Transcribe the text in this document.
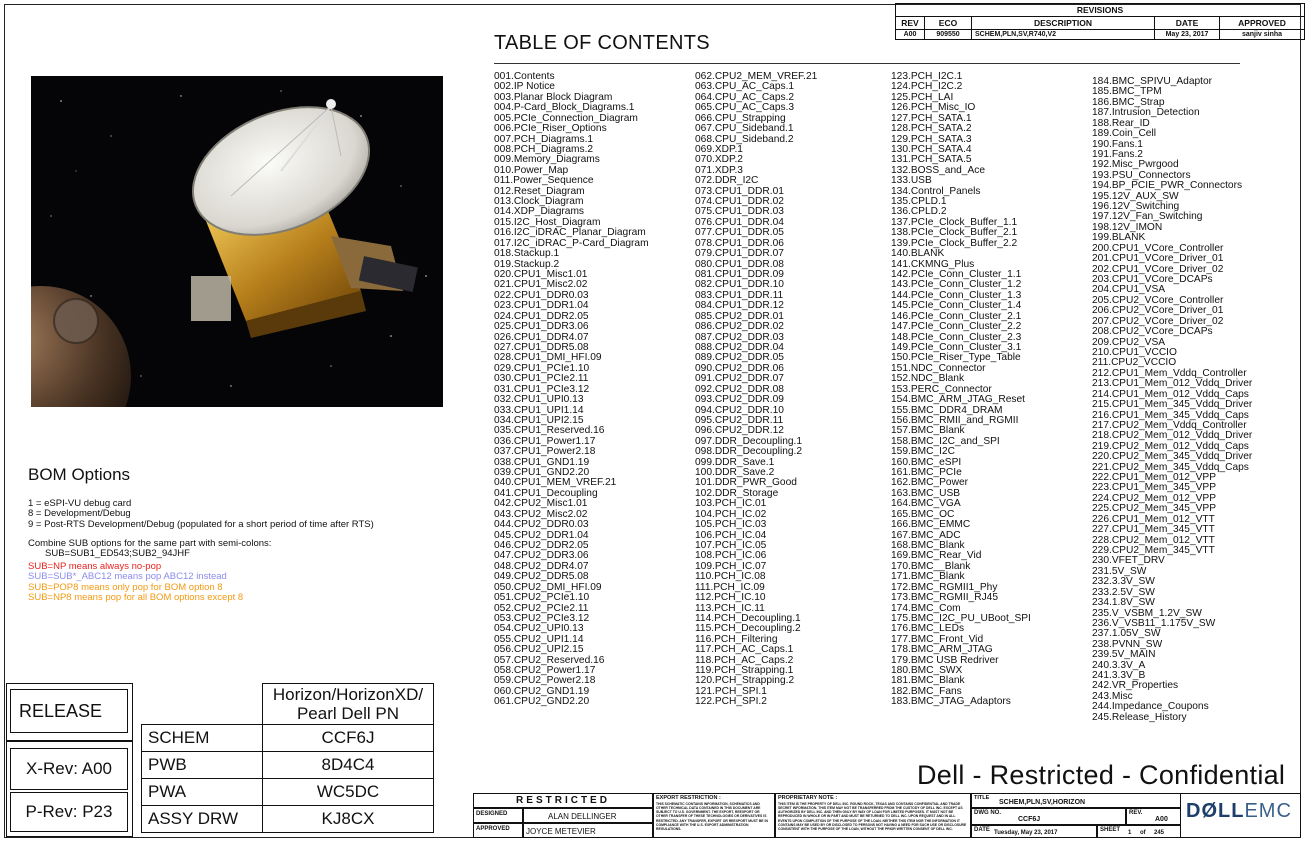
REVISIONS				
REV	ECO	DESCRIPTION	DATE	APPROVED
A00	909550	SCHEM,PLN,SV,R740,V2	May 23, 2017	sanjiv sinha
TABLE OF CONTENTS
001.Contents
002.IP Notice
003.Planar Block Diagram
004.P-Card_Block_Diagrams.1
005.PCIe_Connection_Diagram
006.PCIe_Riser_Options
007.PCH_Diagrams.1
008.PCH_Diagrams.2
009.Memory_Diagrams
010.Power_Map
011.Power_Sequence
012.Reset_Diagram
013.Clock_Diagram
014.XDP_Diagrams
015.I2C_Host_Diagram
016.I2C_iDRAC_Planar_Diagram
017.I2C_iDRAC_P-Card_Diagram
018.Stackup.1
019.Stackup.2
020.CPU1_Misc1.01
021.CPU1_Misc2.02
022.CPU1_DDR0.03
023.CPU1_DDR1.04
024.CPU1_DDR2.05
025.CPU1_DDR3.06
026.CPU1_DDR4.07
027.CPU1_DDR5.08
028.CPU1_DMI_HFI.09
029.CPU1_PCIe1.10
030.CPU1_PCIe2.11
031.CPU1_PCIe3.12
032.CPU1_UPI0.13
033.CPU1_UPI1.14
034.CPU1_UPI2.15
035.CPU1_Reserved.16
036.CPU1_Power1.17
037.CPU1_Power2.18
038.CPU1_GND1.19
039.CPU1_GND2.20
040.CPU1_MEM_VREF.21
041.CPU1_Decoupling
042.CPU2_Misc1.01
043.CPU2_Misc2.02
044.CPU2_DDR0.03
045.CPU2_DDR1.04
046.CPU2_DDR2.05
047.CPU2_DDR3.06
048.CPU2_DDR4.07
049.CPU2_DDR5.08
050.CPU2_DMI_HFI.09
051.CPU2_PCIe1.10
052.CPU2_PCIe2.11
053.CPU2_PCIe3.12
054.CPU2_UPI0.13
055.CPU2_UPI1.14
056.CPU2_UPI2.15
057.CPU2_Reserved.16
058.CPU2_Power1.17
059.CPU2_Power2.18
060.CPU2_GND1.19
061.CPU2_GND2.20
062.CPU2_MEM_VREF.21
063.CPU_AC_Caps.1
064.CPU_AC_Caps.2
065.CPU_AC_Caps.3
066.CPU_Strapping
067.CPU_Sideband.1
068.CPU_Sideband.2
069.XDP.1
070.XDP.2
071.XDP.3
072.DDR_I2C
073.CPU1_DDR.01
074.CPU1_DDR.02
075.CPU1_DDR.03
076.CPU1_DDR.04
077.CPU1_DDR.05
078.CPU1_DDR.06
079.CPU1_DDR.07
080.CPU1_DDR.08
081.CPU1_DDR.09
082.CPU1_DDR.10
083.CPU1_DDR.11
084.CPU1_DDR.12
085.CPU2_DDR.01
086.CPU2_DDR.02
087.CPU2_DDR.03
088.CPU2_DDR.04
089.CPU2_DDR.05
090.CPU2_DDR.06
091.CPU2_DDR.07
092.CPU2_DDR.08
093.CPU2_DDR.09
094.CPU2_DDR.10
095.CPU2_DDR.11
096.CPU2_DDR.12
097.DDR_Decoupling.1
098.DDR_Decoupling.2
099.DDR_Save.1
100.DDR_Save.2
101.DDR_PWR_Good
102.DDR_Storage
103.PCH_IC.01
104.PCH_IC.02
105.PCH_IC.03
106.PCH_IC.04
107.PCH_IC.05
108.PCH_IC.06
109.PCH_IC.07
110.PCH_IC.08
111.PCH_IC.09
112.PCH_IC.10
113.PCH_IC.11
114.PCH_Decoupling.1
115.PCH_Decoupling.2
116.PCH_Filtering
117.PCH_AC_Caps.1
118.PCH_AC_Caps.2
119.PCH_Strapping.1
120.PCH_Strapping.2
121.PCH_SPI.1
122.PCH_SPI.2
123.PCH_I2C.1
124.PCH_I2C.2
125.PCH_LAI
126.PCH_Misc_IO
127.PCH_SATA.1
128.PCH_SATA.2
129.PCH_SATA.3
130.PCH_SATA.4
131.PCH_SATA.5
132.BOSS_and_Ace
133.USB
134.Control_Panels
135.CPLD.1
136.CPLD.2
137.PCIe_Clock_Buffer_1.1
138.PCIe_Clock_Buffer_2.1
139.PCIe_Clock_Buffer_2.2
140.BLANK
141.CKMNG_Plus
142.PCIe_Conn_Cluster_1.1
143.PCIe_Conn_Cluster_1.2
144.PCIe_Conn_Cluster_1.3
145.PCIe_Conn_Cluster_1.4
146.PCIe_Conn_Cluster_2.1
147.PCIe_Conn_Cluster_2.2
148.PCIe_Conn_Cluster_2.3
149.PCIe_Conn_Cluster_3.1
150.PCIe_Riser_Type_Table
151.NDC_Connector
152.NDC_Blank
153.PERC_Connector
154.BMC_ARM_JTAG_Reset
155.BMC_DDR4_DRAM
156.BMC_RMII_and_RGMII
157.BMC_Blank
158.BMC_I2C_and_SPI
159.BMC_I2C
160.BMC_eSPI
161.BMC_PCIe
162.BMC_Power
163.BMC_USB
164.BMC_VGA
165.BMC_OC
166.BMC_EMMC
167.BMC_ADC
168.BMC_Blank
169.BMC_Rear_Vid
170.BMC__Blank
171.BMC_Blank
172.BMC_RGMII1_Phy
173.BMC_RGMII_RJ45
174.BMC_Com
175.BMC_I2C_PU_UBoot_SPI
176.BMC_LEDs
177.BMC_Front_Vid
178.BMC_ARM_JTAG
179.BMC USB Redriver
180.BMC_SWX
181.BMC_Blank
182.BMC_Fans
183.BMC_JTAG_Adaptors
184.BMC_SPIVU_Adaptor
185.BMC_TPM
186.BMC_Strap
187.Intrusion_Detection
188.Rear_ID
189.Coin_Cell
190.Fans.1
191.Fans.2
192.Misc_Pwrgood
193.PSU_Connectors
194.BP_PCIE_PWR_Connectors
195.12V_AUX_SW
196.12V_Switching
197.12V_Fan_Switching
198.12V_IMON
199.BLANK
200.CPU1_VCore_Controller
201.CPU1_VCore_Driver_01
202.CPU1_VCore_Driver_02
203.CPU1_VCore_DCAPs
204.CPU1_VSA
205.CPU2_VCore_Controller
206.CPU2_VCore_Driver_01
207.CPU2_VCore_Driver_02
208.CPU2_VCore_DCAPs
209.CPU2_VSA
210.CPU1_VCCIO
211.CPU2_VCCIO
212.CPU1_Mem_Vddq_Controller
213.CPU1_Mem_012_Vddq_Driver
214.CPU1_Mem_012_Vddq_Caps
215.CPU1_Mem_345_Vddq_Driver
216.CPU1_Mem_345_Vddq_Caps
217.CPU2_Mem_Vddq_Controller
218.CPU2_Mem_012_Vddq_Driver
219.CPU2_Mem_012_Vddq_Caps
220.CPU2_Mem_345_Vddq_Driver
221.CPU2_Mem_345_Vddq_Caps
222.CPU1_Mem_012_VPP
223.CPU1_Mem_345_VPP
224.CPU2_Mem_012_VPP
225.CPU2_Mem_345_VPP
226.CPU1_Mem_012_VTT
227.CPU1_Mem_345_VTT
228.CPU2_Mem_012_VTT
229.CPU2_Mem_345_VTT
230.VFET_DRV
231.5V_SW
232.3.3V_SW
233.2.5V_SW
234.1.8V_SW
235.V_VSBM_1.2V_SW
236.V_VSB11_1.175V_SW
237.1.05V_SW
238.PVNN_SW
239.5V_MAIN
240.3.3V_A
241.3.3V_B
242.VR_Properties
243.Misc
244.Impedance_Coupons
245.Release_History
BOM Options
1 = eSPI-VU debug card
8 = Development/Debug
9 = Post-RTS Development/Debug (populated for a short period of time after RTS)
Combine SUB options for the same part with semi-colons:
SUB=SUB1_ED543;SUB2_94JHF
SUB=NP means always no-pop
SUB=SUB*_ABC12 means pop ABC12 instead
SUB=POP8 means only pop for BOM option 8
SUB=NP8 means pop for all BOM options except 8
RELEASE
X-Rev: A00
P-Rev: P23

	Horizon/HorizonXD/
Pearl Dell PN

SCHEM	CCF6J
PWB	8D4C4
PWA	WC5DC
ASSY DRW	KJ8CX
Dell - Restricted - Confidential
RESTRICTED
DESIGNED	ALAN DELLINGER
APPROVED	JOYCE METEVIER
EXPORT RESTRICTION :
THIS SCHEMATIC CONTAINS INFORMATION, SCHEMATICS AND OTHER TECHNICAL DATA CONTAINED IN THIS DOCUMENT ARE SUBJECT TO U.S. GOVERNMENT. THE EXPORT, REEXPORT OR OTHER TRANSFER OF THESE TECHNOLOGIES OR DERIVATIVES IS RESTRICTED. ANY TRANSFER, EXPORT OR REEXPORT MUST BE IN COMPLIANCE WITH THE U.S. EXPORT ADMINISTRATION REGULATIONS.
PROPRIETARY NOTE :
THIS ITEM IS THE PROPERTY OF DELL INC. ROUND ROCK, TEXAS AND CONTAINS CONFIDENTIAL AND TRADE SECRET INFORMATION. THIS ITEM MAY NOT BE TRANSFERRED FROM THE CUSTODY OF DELL INC. EXCEPT AS AUTHORIZED BY DELL INC. AND THEN ONLY BY WAY OF LOAN FOR LIMITED PURPOSES. IT MUST NOT BE REPRODUCED IN WHOLE OR IN PART AND MUST BE RETURNED TO DELL INC. UPON REQUEST AND IN ALL EVENTS UPON COMPLETION OF THE PURPOSE OF THE LOAN. NEITHER THIS ITEM NOR THE INFORMATION IT CONTAINS MAY BE USED BY OR DISCLOSED TO PERSONS NOT HAVING A NEED FOR SUCH USE OR DISCLOSURE CONSISTENT WITH THE PURPOSE OF THE LOAN, WITHOUT THE PRIOR WRITTEN CONSENT OF DELL INC.
TITLE
SCHEM,PLN,SV,HORIZON
DWG NO.
CCF6J
REV.
A00
DATE Tuesday, May 23, 2017	SHEET 1 of 245
DØLLEMC
